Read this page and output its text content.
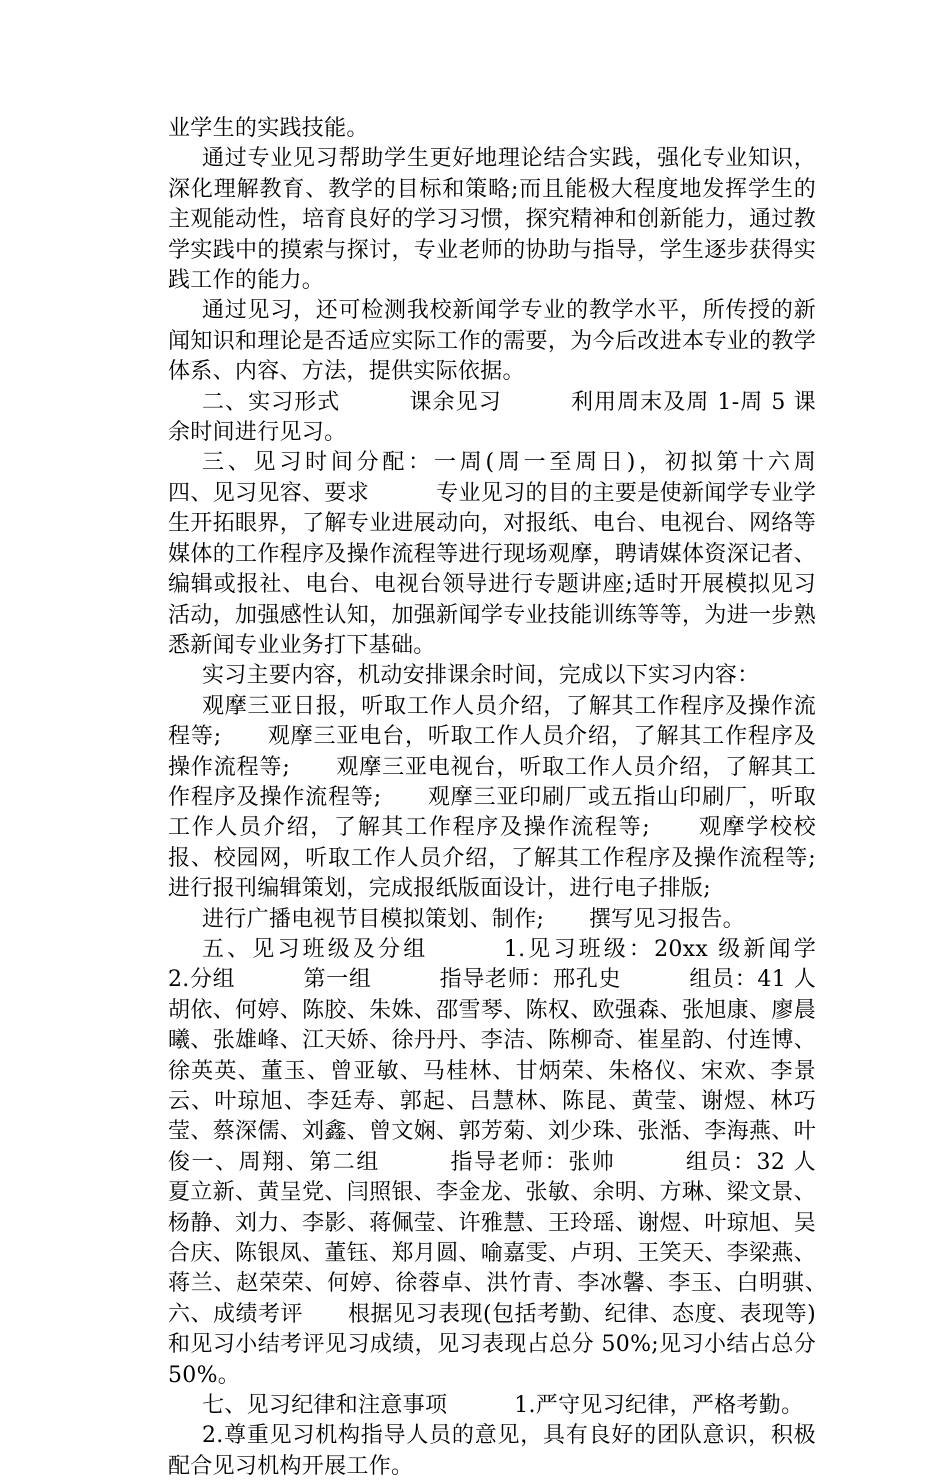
业学生的实践技能。

通过专业见习帮助学生更好地理论结合实践，强化专业知识，深化理解教育、教学的目标和策略;而且能极大程度地发挥学生的主观能动性，培育良好的学习习惯，探究精神和创新能力，通过教学实践中的摸索与探讨，专业老师的协助与指导，学生逐步获得实践工作的能力。

通过见习，还可检测我校新闻学专业的教学水平，所传授的新闻知识和理论是否适应实际工作的需要，为今后改进本专业的教学体系、内容、方法，提供实际依据。

二、实习形式　　　课余见习　　　利用周末及周 1-周 5 课余时间进行见习。

三、见习时间分配：一周(周一至周日)，初拟第十六周　　　四、见习见容、要求　　　专业见习的目的主要是使新闻学专业学生开拓眼界，了解专业进展动向，对报纸、电台、电视台、网络等媒体的工作程序及操作流程等进行现场观摩，聘请媒体资深记者、编辑或报社、电台、电视台领导进行专题讲座;适时开展模拟见习活动，加强感性认知，加强新闻学专业技能训练等等，为进一步熟悉新闻专业业务打下基础。

实习主要内容，机动安排课余时间，完成以下实习内容：

观摩三亚日报，听取工作人员介绍，了解其工作程序及操作流程等;　　观摩三亚电台，听取工作人员介绍，了解其工作程序及操作流程等;　　观摩三亚电视台，听取工作人员介绍，了解其工作程序及操作流程等;　　观摩三亚印刷厂或五指山印刷厂，听取工作人员介绍，了解其工作程序及操作流程等;　　观摩学校校报、校园网，听取工作人员介绍，了解其工作程序及操作流程等;　　进行报刊编辑策划，完成报纸版面设计，进行电子排版;

进行广播电视节目模拟策划、制作;　　撰写见习报告。

五、见习班级及分组　　　1.见习班级：20xx 级新闻学　　　2.分组　　　第一组　　　指导老师：邢孔史　　　组员：41 人　　　胡依、何婷、陈胶、朱姝、邵雪琴、陈权、欧强森、张旭康、廖晨曦、张雄峰、江天娇、徐丹丹、李洁、陈柳奇、崔星韵、付连博、徐英英、董玉、曾亚敏、马桂林、甘炳荣、朱格仪、宋欢、李景云、叶琼旭、李廷寿、郭起、吕慧林、陈昆、黄莹、谢煜、林巧莹、蔡深儒、刘鑫、曾文娴、郭芳菊、刘少珠、张湉、李海燕、叶俊一、周翔、第二组　　　指导老师：张帅　　　组员：32 人　　　夏立新、黄呈党、闫照银、李金龙、张敏、余明、方琳、梁文景、杨静、刘力、李影、蒋佩莹、许雅慧、王玲瑶、谢煜、叶琼旭、吴合庆、陈银凤、董钰、郑月圆、喻嘉雯、卢玥、王笑天、李梁燕、蒋兰、赵荣荣、何婷、徐蓉卓、洪竹青、李冰馨、李玉、白明骐、　　　六、成绩考评　　根据见习表现(包括考勤、纪律、态度、表现等)和见习小结考评见习成绩，见习表现占总分 50%;见习小结占总分 50%。

七、见习纪律和注意事项　　　1.严守见习纪律，严格考勤。

2.尊重见习机构指导人员的意见，具有良好的团队意识，积极配合见习机构开展工作。
